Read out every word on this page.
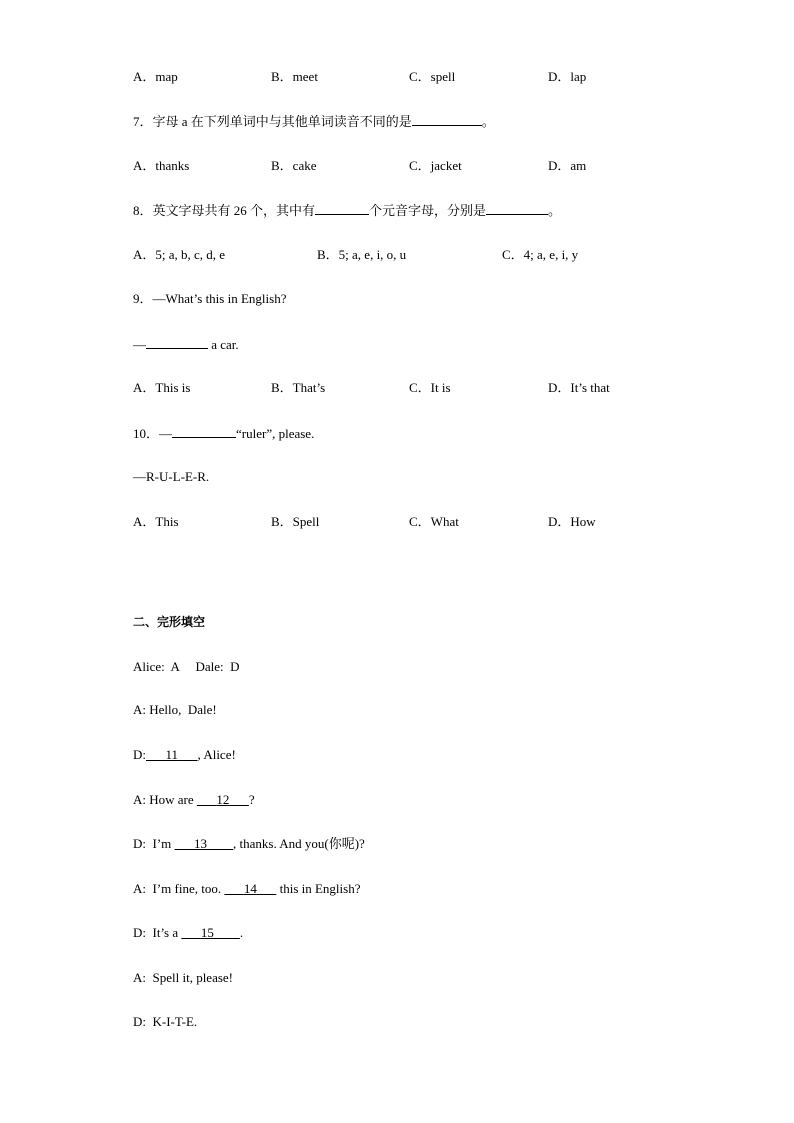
A．map	B．meet	C．spell	D．lap
7．字母 a 在下列单词中与其他单词读音不同的是	。
A．thanks	B．cake	C．jacket	D．am
8．英文字母共有 26 个，其中有	个元音字母，分别是	。
A．5; a, b, c, d, e	B．5; a, e, i, o, u	C．4; a, e, i, y
9．—What’s this in English?
—	a car.
A．This is	B．That’s	C．It is	D．It’s that
10．—	“ruler”, please.
—R-U-L-E-R.
A．This	B．Spell	C．What	D．How
二、完形填空
Alice:  A     Dale:  D
A: Hello,  Dale!
D:    11    , Alice!
A: How are    12    ?
D:  I’m    13     , thanks. And you(你呢)?
A:  I’m fine, too.    14    this in English?
D:  It’s a    15     .
A:  Spell it, please!
D:  K-I-T-E.
